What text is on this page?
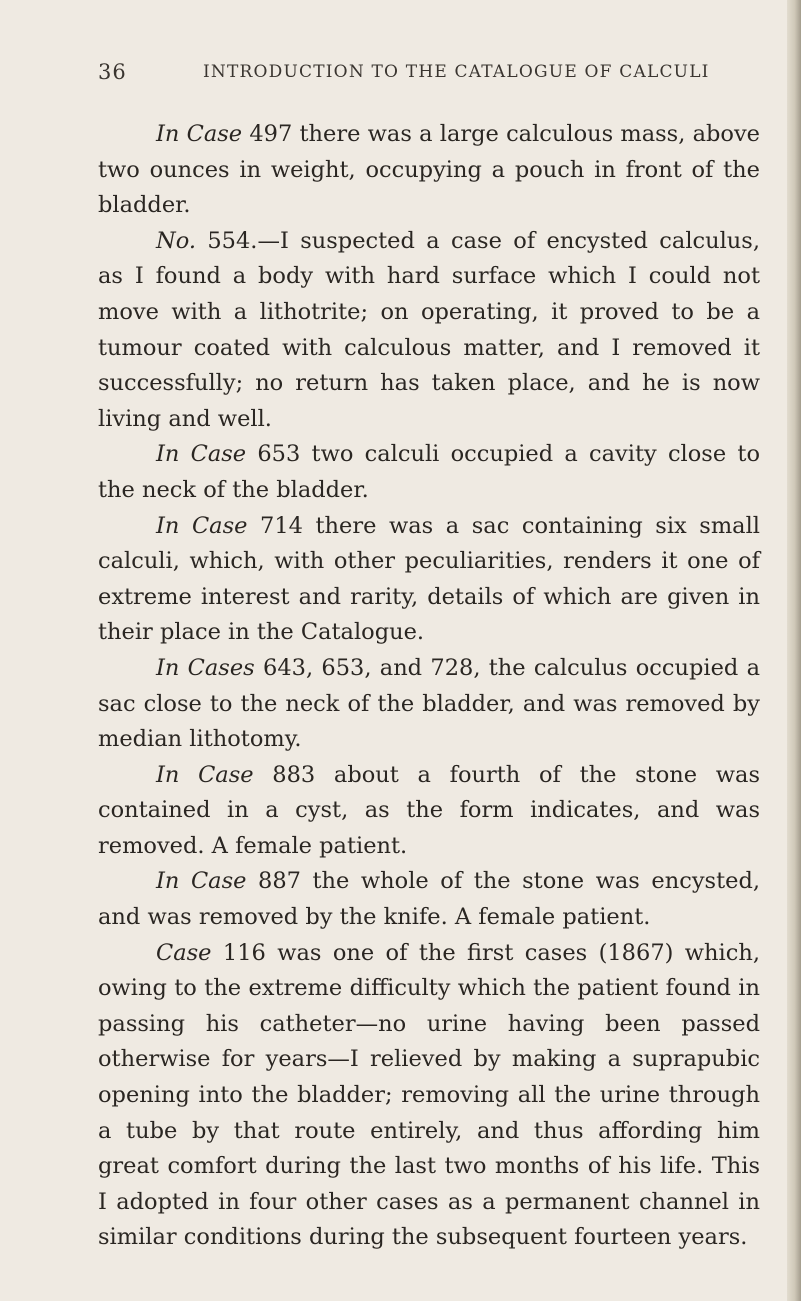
36	INTRODUCTION TO THE CATALOGUE OF CALCULI

In Case 497 there was a large calculous mass, above two ounces in weight, occupying a pouch in front of the bladder.

No. 554.—I suspected a case of encysted calculus, as I found a body with hard surface which I could not move with a lithotrite; on operating, it proved to be a tumour coated with calculous matter, and I removed it successfully; no return has taken place, and he is now living and well.

In Case 653 two calculi occupied a cavity close to the neck of the bladder.

In Case 714 there was a sac containing six small calculi, which, with other peculiarities, renders it one of extreme interest and rarity, details of which are given in their place in the Catalogue.

In Cases 643, 653, and 728, the calculus occupied a sac close to the neck of the bladder, and was removed by median lithotomy.

In Case 883 about a fourth of the stone was contained in a cyst, as the form indicates, and was removed. A female patient.

In Case 887 the whole of the stone was encysted, and was removed by the knife. A female patient.

Case 116 was one of the first cases (1867) which, owing to the extreme difficulty which the patient found in passing his catheter—no urine having been passed otherwise for years—I relieved by making a suprapubic opening into the bladder; removing all the urine through a tube by that route entirely, and thus affording him great comfort during the last two months of his life. This I adopted in four other cases as a permanent channel in similar conditions during the subsequent fourteen years.
